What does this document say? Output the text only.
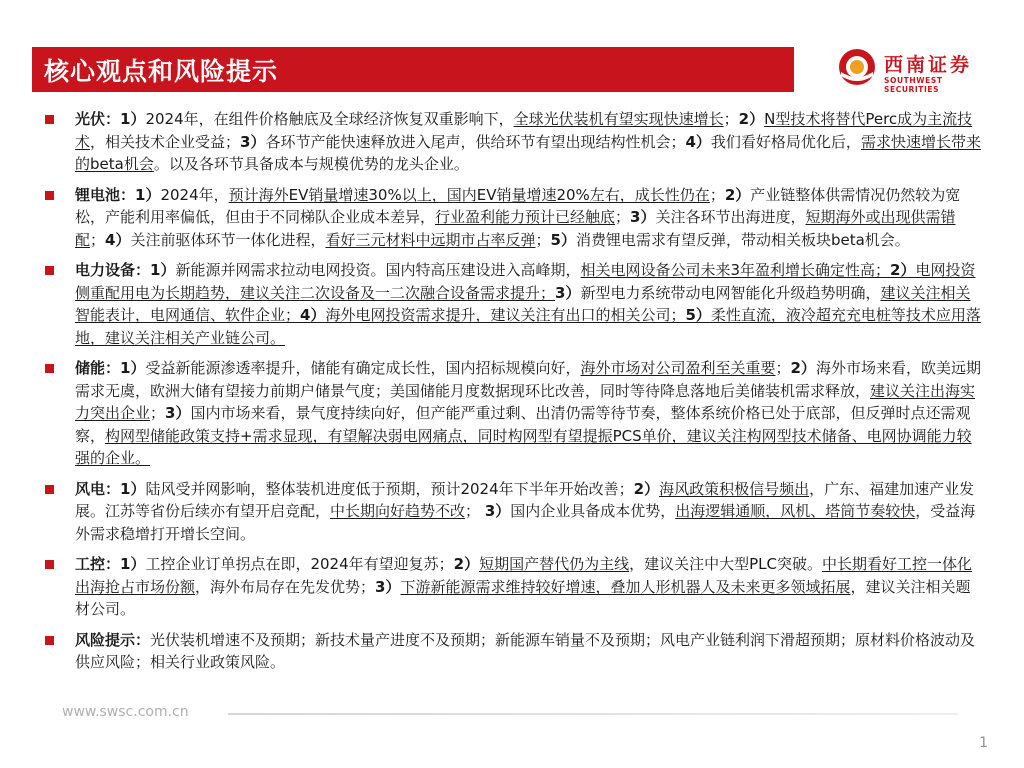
核心观点和风险提示	西南证券
SOUTHWEST SECURITIES
光伏：1）2024年，在组件价格触底及全球经济恢复双重影响下，全球光伏装机有望实现快速增长；2）N型技术将替代Perc成为主流技术，相关技术企业受益；3）各环节产能快速释放进入尾声，供给环节有望出现结构性机会；4）我们看好格局优化后，需求快速增长带来的beta机会。以及各环节具备成本与规模优势的龙头企业。
锂电池：1）2024年，预计海外EV销量增速30%以上，国内EV销量增速20%左右，成长性仍在；2）产业链整体供需情况仍然较为宽松，产能利用率偏低，但由于不同梯队企业成本差异，行业盈利能力预计已经触底；3）关注各环节出海进度，短期海外或出现供需错配；4）关注前驱体环节一体化进程，看好三元材料中远期市占率反弹；5）消费锂电需求有望反弹，带动相关板块beta机会。
电力设备：1）新能源并网需求拉动电网投资。国内特高压建设进入高峰期，相关电网设备公司未来3年盈利增长确定性高；2）电网投资侧重配用电为长期趋势，建议关注二次设备及一二次融合设备需求提升；3）新型电力系统带动电网智能化升级趋势明确，建议关注相关智能表计，电网通信、软件企业；4）海外电网投资需求提升，建议关注有出口的相关公司；5）柔性直流，液冷超充充电桩等技术应用落地，建议关注相关产业链公司。
储能：1）受益新能源渗透率提升，储能有确定成长性，国内招标规模向好，海外市场对公司盈利至关重要；2）海外市场来看，欧美远期需求无虞，欧洲大储有望接力前期户储景气度；美国储能月度数据现环比改善，同时等待降息落地后美储装机需求释放，建议关注出海实力突出企业；3）国内市场来看，景气度持续向好，但产能严重过剩、出清仍需等待节奏，整体系统价格已处于底部，但反弹时点还需观察，构网型储能政策支持+需求显现，有望解决弱电网痛点，同时构网型有望提振PCS单价，建议关注构网型技术储备、电网协调能力较强的企业。
风电：1）陆风受并网影响，整体装机进度低于预期，预计2024年下半年开始改善；2）海风政策积极信号频出，广东、福建加速产业发展。江苏等省份后续亦有望开启竞配，中长期向好趋势不改； 3）国内企业具备成本优势，出海逻辑通顺，风机、塔筒节奏较快，受益海外需求稳增打开增长空间。
工控：1）工控企业订单拐点在即，2024年有望迎复苏；2）短期国产替代仍为主线，建议关注中大型PLC突破。中长期看好工控一体化出海抢占市场份额，海外布局存在先发优势；3）下游新能源需求维持较好增速，叠加人形机器人及未来更多领域拓展，建议关注相关题材公司。
风险提示：光伏装机增速不及预期；新技术量产进度不及预期；新能源车销量不及预期；风电产业链利润下滑超预期；原材料价格波动及供应风险；相关行业政策风险。
www.swsc.com.cn
1
